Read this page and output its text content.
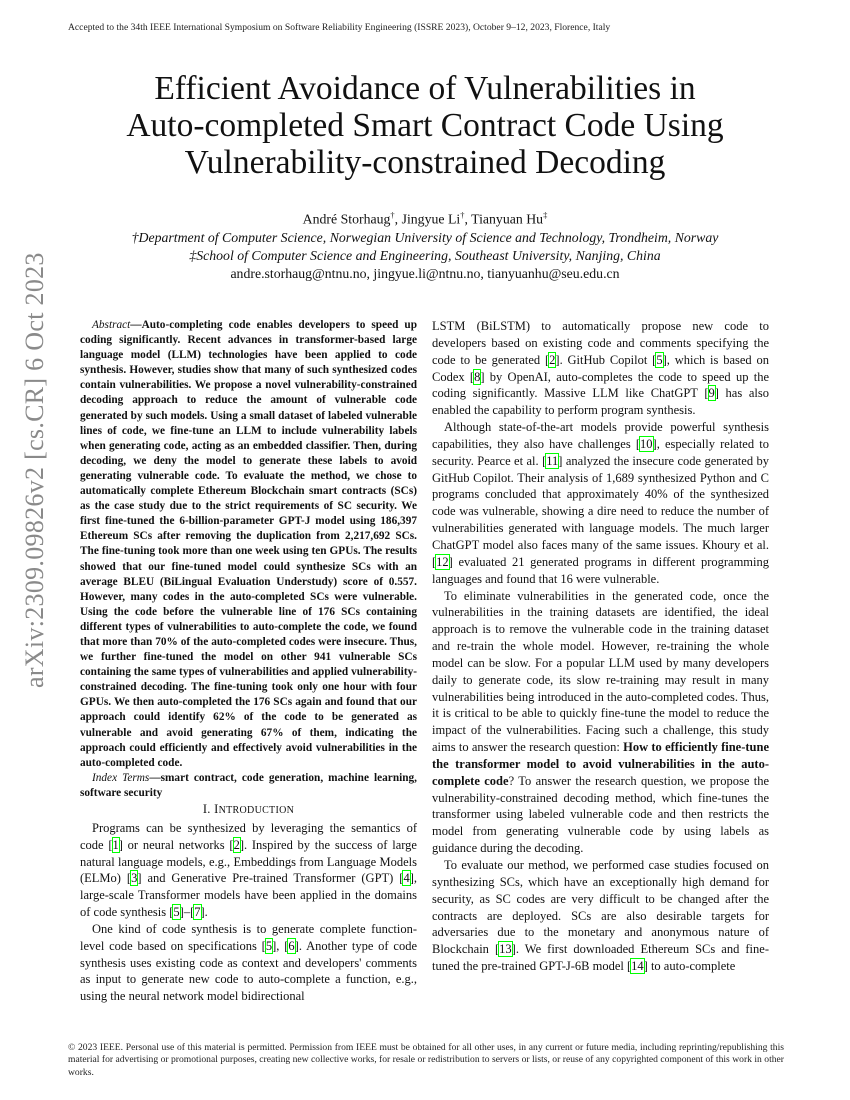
Accepted to the 34th IEEE International Symposium on Software Reliability Engineering (ISSRE 2023), October 9–12, 2023, Florence, Italy
Efficient Avoidance of Vulnerabilities in
Auto-completed Smart Contract Code Using
Vulnerability-constrained Decoding
André Storhaug†, Jingyue Li†, Tianyuan Hu‡
†Department of Computer Science, Norwegian University of Science and Technology, Trondheim, Norway
‡School of Computer Science and Engineering, Southeast University, Nanjing, China
andre.storhaug@ntnu.no, jingyue.li@ntnu.no, tianyuanhu@seu.edu.cn
arXiv:2309.09826v2 [cs.CR] 6 Oct 2023	Abstract—Auto-completing code enables developers to speed up coding significantly. Recent advances in transformer-based large language model (LLM) technologies have been applied to code synthesis. However, studies show that many of such synthesized codes contain vulnerabilities. We propose a novel vulnerability-constrained decoding approach to reduce the amount of vulnerable code generated by such models. Using a small dataset of labeled vulnerable lines of code, we fine-tune an LLM to include vulnerability labels when generating code, acting as an embedded classifier. Then, during decoding, we deny the model to generate these labels to avoid generating vulnerable code. To evaluate the method, we chose to automatically complete Ethereum Blockchain smart contracts (SCs) as the case study due to the strict requirements of SC security. We first fine-tuned the 6-billion-parameter GPT-J model using 186,397 Ethereum SCs after removing the duplication from 2,217,692 SCs. The fine-tuning took more than one week using ten GPUs. The results showed that our fine-tuned model could synthesize SCs with an average BLEU (BiLingual Evaluation Understudy) score of 0.557. However, many codes in the auto-completed SCs were vulnerable. Using the code before the vulnerable line of 176 SCs containing different types of vulnerabilities to auto-complete the code, we found that more than 70% of the auto-completed codes were insecure. Thus, we further fine-tuned the model on other 941 vulnerable SCs containing the same types of vulnerabilities and applied vulnerability-constrained decoding. The fine-tuning took only one hour with four GPUs. We then auto-completed the 176 SCs again and found that our approach could identify 62% of the code to be generated as vulnerable and avoid generating 67% of them, indicating the approach could efficiently and effectively avoid vulnerabilities in the auto-completed code.

Index Terms—smart contract, code generation, machine learning, software security

I. INTRODUCTION

Programs can be synthesized by leveraging the semantics of code [1] or neural networks [2]. Inspired by the success of large natural language models, e.g., Embeddings from Language Models (ELMo) [3] and Generative Pre-trained Transformer (GPT) [4], large-scale Transformer models have been applied in the domains of code synthesis [5]–[7].

One kind of code synthesis is to generate complete function-level code based on specifications [5], [6]. Another type of code synthesis uses existing code as context and developers' comments as input to generate new code to auto-complete a function, e.g., using the neural network model bidirectional

LSTM (BiLSTM) to automatically propose new code to developers based on existing code and comments specifying the code to be generated [2]. GitHub Copilot [5], which is based on Codex [8] by OpenAI, auto-completes the code to speed up the coding significantly. Massive LLM like ChatGPT [9] has also enabled the capability to perform program synthesis.

Although state-of-the-art models provide powerful synthesis capabilities, they also have challenges [10], especially related to security. Pearce et al. [11] analyzed the insecure code generated by GitHub Copilot. Their analysis of 1,689 synthesized Python and C programs concluded that approximately 40% of the synthesized code was vulnerable, showing a dire need to reduce the number of vulnerabilities generated with language models. The much larger ChatGPT model also faces many of the same issues. Khoury et al. [12] evaluated 21 generated programs in different programming languages and found that 16 were vulnerable.

To eliminate vulnerabilities in the generated code, once the vulnerabilities in the training datasets are identified, the ideal approach is to remove the vulnerable code in the training dataset and re-train the whole model. However, re-training the whole model can be slow. For a popular LLM used by many developers daily to generate code, its slow re-training may result in many vulnerabilities being introduced in the auto-completed codes. Thus, it is critical to be able to quickly fine-tune the model to reduce the impact of the vulnerabilities. Facing such a challenge, this study aims to answer the research question: How to efficiently fine-tune the transformer model to avoid vulnerabilities in the auto-complete code? To answer the research question, we propose the vulnerability-constrained decoding method, which fine-tunes the transformer using labeled vulnerable code and then restricts the model from generating vulnerable code by using labels as guidance during the decoding.

To evaluate our method, we performed case studies focused on synthesizing SCs, which have an exceptionally high demand for security, as SC codes are very difficult to be changed after the contracts are deployed. SCs are also desirable targets for adversaries due to the monetary and anonymous nature of Blockchain [13]. We first downloaded Ethereum SCs and fine-tuned the pre-trained GPT-J-6B model [14] to auto-complete

© 2023 IEEE. Personal use of this material is permitted. Permission from IEEE must be obtained for all other uses, in any current or future media, including reprinting/republishing this material for advertising or promotional purposes, creating new collective works, for resale or redistribution to servers or lists, or reuse of any copyrighted component of this work in other works.
